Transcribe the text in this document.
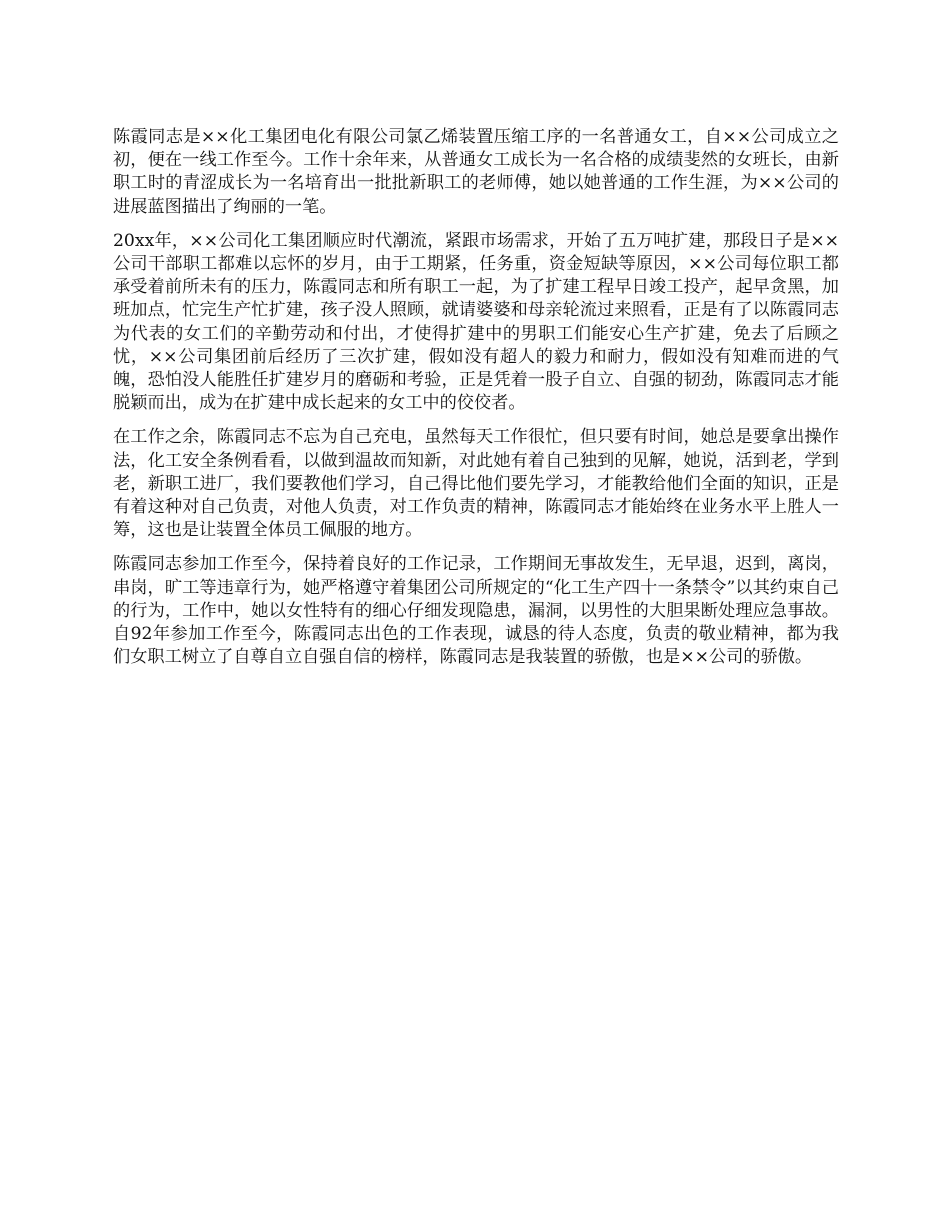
陈霞同志是××化工集团电化有限公司氯乙烯装置压缩工序的一名普通女工，自××公司成立之初，便在一线工作至今。工作十余年来，从普通女工成长为一名合格的成绩斐然的女班长，由新职工时的青涩成长为一名培育出一批批新职工的老师傅，她以她普通的工作生涯，为××公司的进展蓝图描出了绚丽的一笔。

20xx年，××公司化工集团顺应时代潮流，紧跟市场需求，开始了五万吨扩建，那段日子是××公司干部职工都难以忘怀的岁月，由于工期紧，任务重，资金短缺等原因，××公司每位职工都承受着前所未有的压力，陈霞同志和所有职工一起，为了扩建工程早日竣工投产，起早贪黑，加班加点，忙完生产忙扩建，孩子没人照顾，就请婆婆和母亲轮流过来照看，正是有了以陈霞同志为代表的女工们的辛勤劳动和付出，才使得扩建中的男职工们能安心生产扩建，免去了后顾之忧，××公司集团前后经历了三次扩建，假如没有超人的毅力和耐力，假如没有知难而进的气魄，恐怕没人能胜任扩建岁月的磨砺和考验，正是凭着一股子自立、自强的韧劲，陈霞同志才能脱颖而出，成为在扩建中成长起来的女工中的佼佼者。

在工作之余，陈霞同志不忘为自己充电，虽然每天工作很忙，但只要有时间，她总是要拿出操作法，化工安全条例看看，以做到温故而知新，对此她有着自己独到的见解，她说，活到老，学到老，新职工进厂，我们要教他们学习，自己得比他们要先学习，才能教给他们全面的知识，正是有着这种对自己负责，对他人负责，对工作负责的精神，陈霞同志才能始终在业务水平上胜人一筹，这也是让装置全体员工佩服的地方。

陈霞同志参加工作至今，保持着良好的工作记录，工作期间无事故发生，无早退，迟到，离岗，串岗，旷工等违章行为，她严格遵守着集团公司所规定的“化工生产四十一条禁令”以其约束自己的行为，工作中，她以女性特有的细心仔细发现隐患，漏洞，以男性的大胆果断处理应急事故。自92年参加工作至今，陈霞同志出色的工作表现，诚恳的待人态度，负责的敬业精神，都为我们女职工树立了自尊自立自强自信的榜样，陈霞同志是我装置的骄傲，也是××公司的骄傲。
